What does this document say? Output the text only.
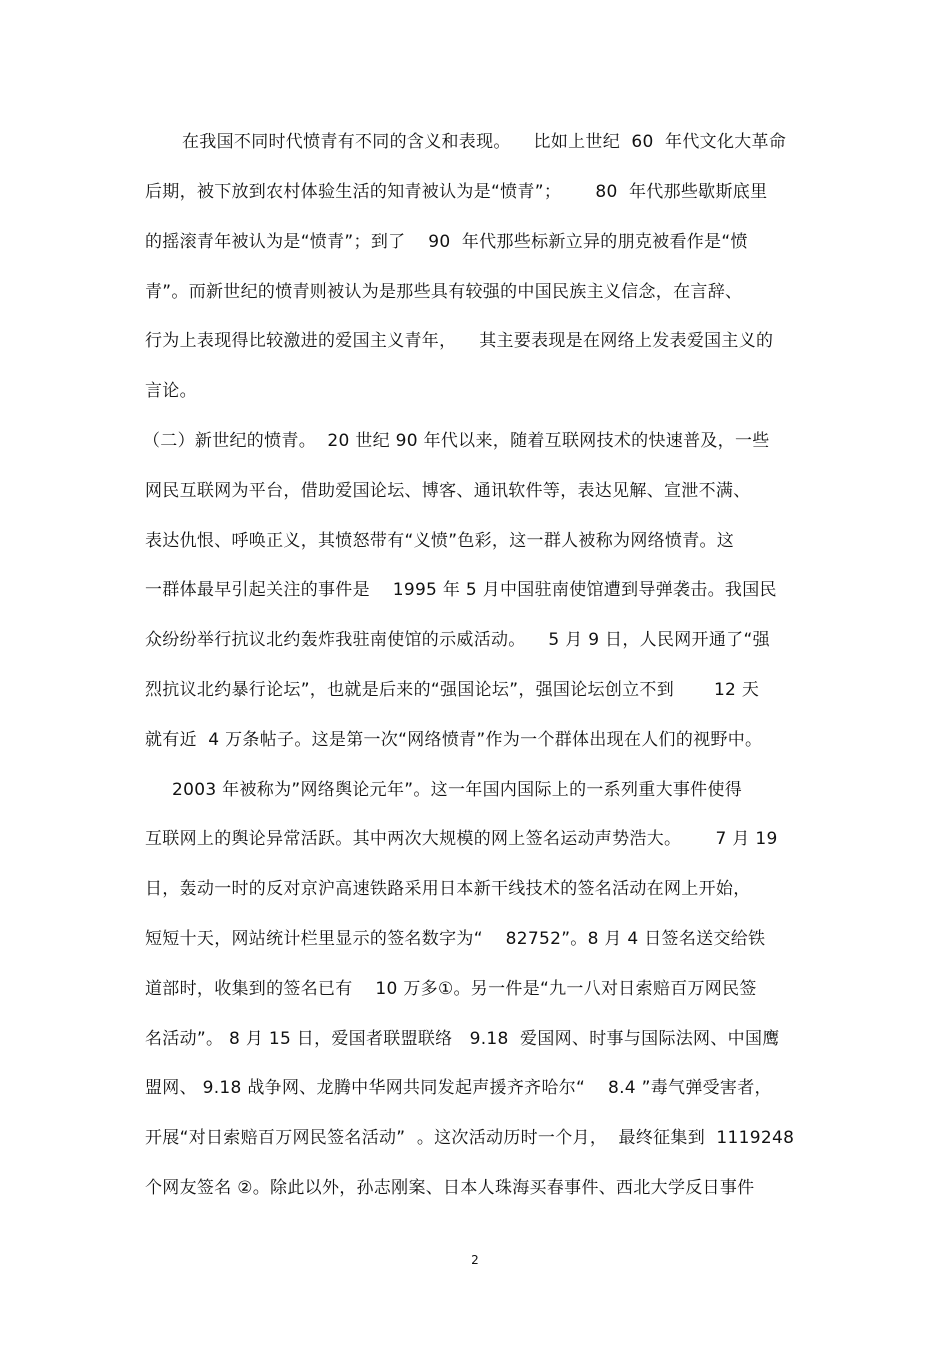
在我国不同时代愤青有不同的含义和表现。    比如上世纪  60  年代文化大革命
后期，被下放到农村体验生活的知青被认为是“愤青”；      80  年代那些歇斯底里
的摇滚青年被认为是“愤青”；到了    90  年代那些标新立异的朋克被看作是“愤
青”。而新世纪的愤青则被认为是那些具有较强的中国民族主义信念，在言辞、
行为上表现得比较激进的爱国主义青年，    其主要表现是在网络上发表爱国主义的
言论。
（二）新世纪的愤青。  20 世纪 90 年代以来，随着互联网技术的快速普及，一些
网民互联网为平台，借助爱国论坛、博客、通讯软件等，表达见解、宣泄不满、
表达仇恨、呼唤正义，其愤怒带有“义愤”色彩，这一群人被称为网络愤青。这
一群体最早引起关注的事件是    1995 年 5 月中国驻南使馆遭到导弹袭击。我国民
众纷纷举行抗议北约轰炸我驻南使馆的示威活动。    5 月 9 日，人民网开通了“强
烈抗议北约暴行论坛”，也就是后来的“强国论坛”，强国论坛创立不到       12 天
就有近  4 万条帖子。这是第一次“网络愤青”作为一个群体出现在人们的视野中。
2003 年被称为”网络舆论元年”。这一年国内国际上的一系列重大事件使得
互联网上的舆论异常活跃。其中两次大规模的网上签名运动声势浩大。      7 月 19
日，轰动一时的反对京沪高速铁路采用日本新干线技术的签名活动在网上开始，
短短十天，网站统计栏里显示的签名数字为“    82752”。8 月 4 日签名送交给铁
道部时，收集到的签名已有    10 万多①。另一件是“九一八对日索赔百万网民签
名活动”。 8 月 15 日，爱国者联盟联络   9.18  爱国网、时事与国际法网、中国鹰
盟网、 9.18 战争网、龙腾中华网共同发起声援齐齐哈尔“    8.4 ”毒气弹受害者，
开展“对日索赔百万网民签名活动”  。这次活动历时一个月，  最终征集到  1119248
个网友签名 ②。除此以外，孙志刚案、日本人珠海买春事件、西北大学反日事件
2
